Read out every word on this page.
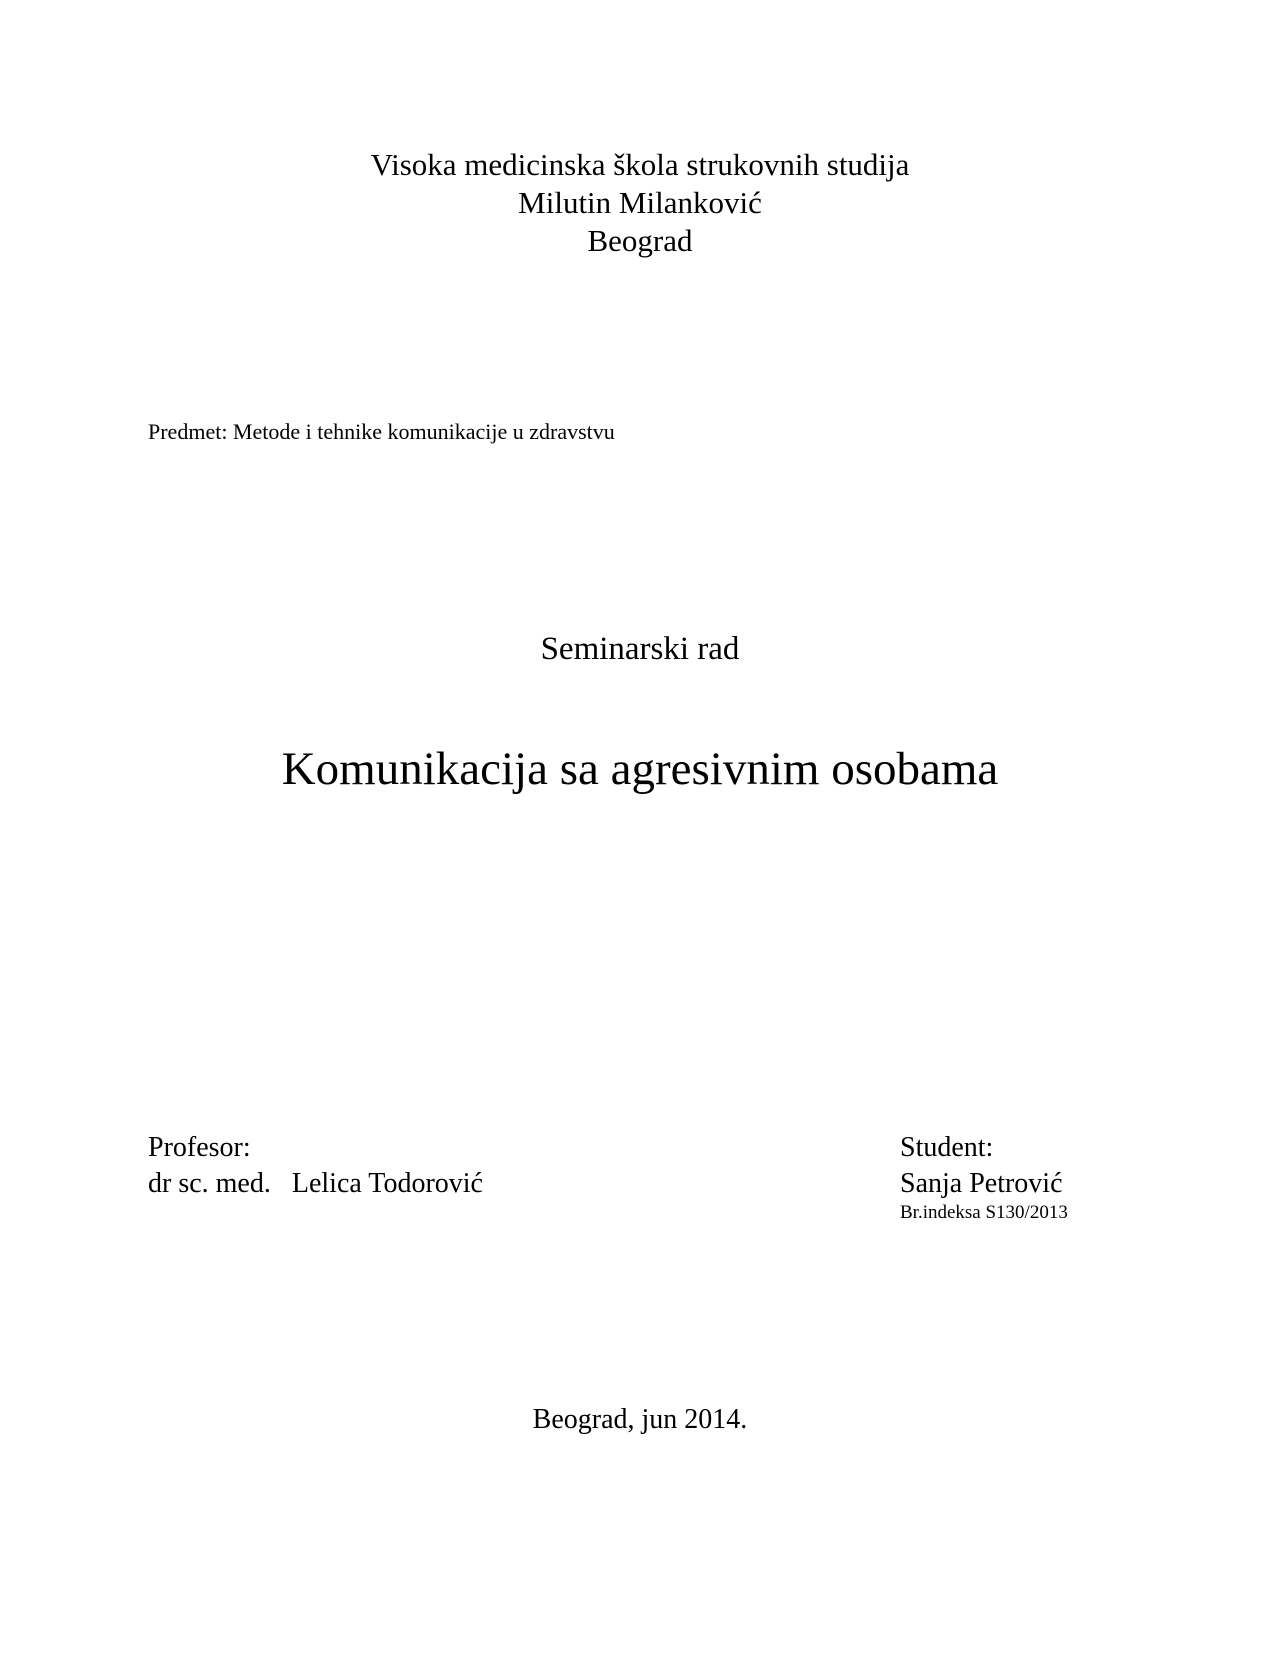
Visoka medicinska škola strukovnih studija
Milutin Milanković
Beograd
Predmet: Metode i tehnike komunikacije u zdravstvu
Seminarski rad
Komunikacija sa agresivnim osobama
Profesor:
dr sc. med.   Lelica Todorović
Student:
Sanja Petrović
Br.indeksa S130/2013
Beograd, jun 2014.
